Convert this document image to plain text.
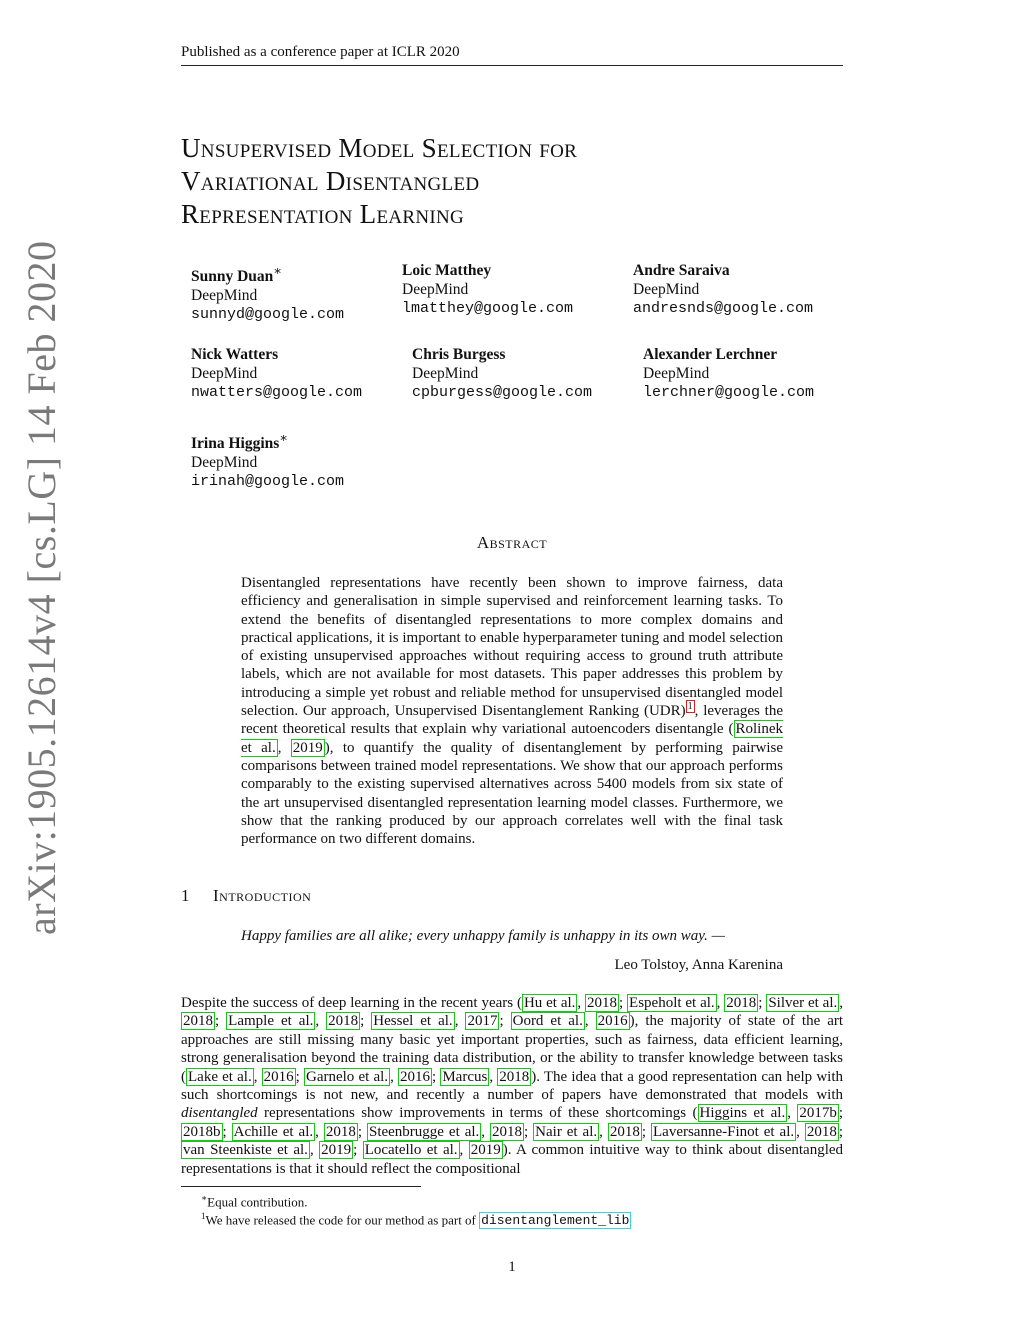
Published as a conference paper at ICLR 2020
arXiv:1905.12614v4 [cs.LG] 14 Feb 2020
Unsupervised Model Selection for
Variational Disentangled
Representation Learning
Sunny Duan∗
DeepMind
sunnyd@google.com
Loic Matthey
DeepMind
lmatthey@google.com
Andre Saraiva
DeepMind
andresnds@google.com
Nick Watters
DeepMind
nwatters@google.com
Chris Burgess
DeepMind
cpburgess@google.com
Alexander Lerchner
DeepMind
lerchner@google.com
Irina Higgins∗
DeepMind
irinah@google.com
Abstract
Disentangled representations have recently been shown to improve fairness, data efficiency and generalisation in simple supervised and reinforcement learning tasks. To extend the benefits of disentangled representations to more complex domains and practical applications, it is important to enable hyperparameter tuning and model selection of existing unsupervised approaches without requiring access to ground truth attribute labels, which are not available for most datasets. This paper addresses this problem by introducing a simple yet robust and reliable method for unsupervised disentangled model selection. Our approach, Unsupervised Disentanglement Ranking (UDR) $^1$ , leverages the recent theoretical results that explain why variational autoencoders disentangle ( Rolinek et al. , 2019 ), to quantify the quality of disentanglement by performing pairwise comparisons between trained model representations. We show that our approach performs comparably to the existing supervised alternatives across 5400 models from six state of the art unsupervised disentangled representation learning model classes. Furthermore, we show that the ranking produced by our approach correlates well with the final task performance on two different domains.
1 Introduction
Happy families are all alike; every unhappy family is unhappy in its own way. —
Leo Tolstoy, Anna Karenina
Despite the success of deep learning in the recent years ( Hu et al. , 2018 ; Espeholt et al. , 2018 ; Silver et al. , 2018 ; Lample et al. , 2018 ; Hessel et al. , 2017 ; Oord et al. , 2016 ), the majority of state of the art approaches are still missing many basic yet important properties, such as fairness, data efficient learning, strong generalisation beyond the training data distribution, or the ability to transfer knowledge between tasks ( Lake et al. , 2016 ; Garnelo et al. , 2016 ; Marcus , 2018 ). The idea that a good representation can help with such shortcomings is not new, and recently a number of papers have demonstrated that models with disentangled representations show improvements in terms of these shortcomings ( Higgins et al. , 2017b ; 2018b ; Achille et al. , 2018 ; Steenbrugge et al. , 2018 ; Nair et al. , 2018 ; Laversanne-Finot et al. , 2018 ; van Steenkiste et al. , 2019 ; Locatello et al. , 2019 ). A common intuitive way to think about disentangled representations is that it should reflect the compositional
∗Equal contribution.
$^1$We have released the code for our method as part of disentanglement_lib
1
